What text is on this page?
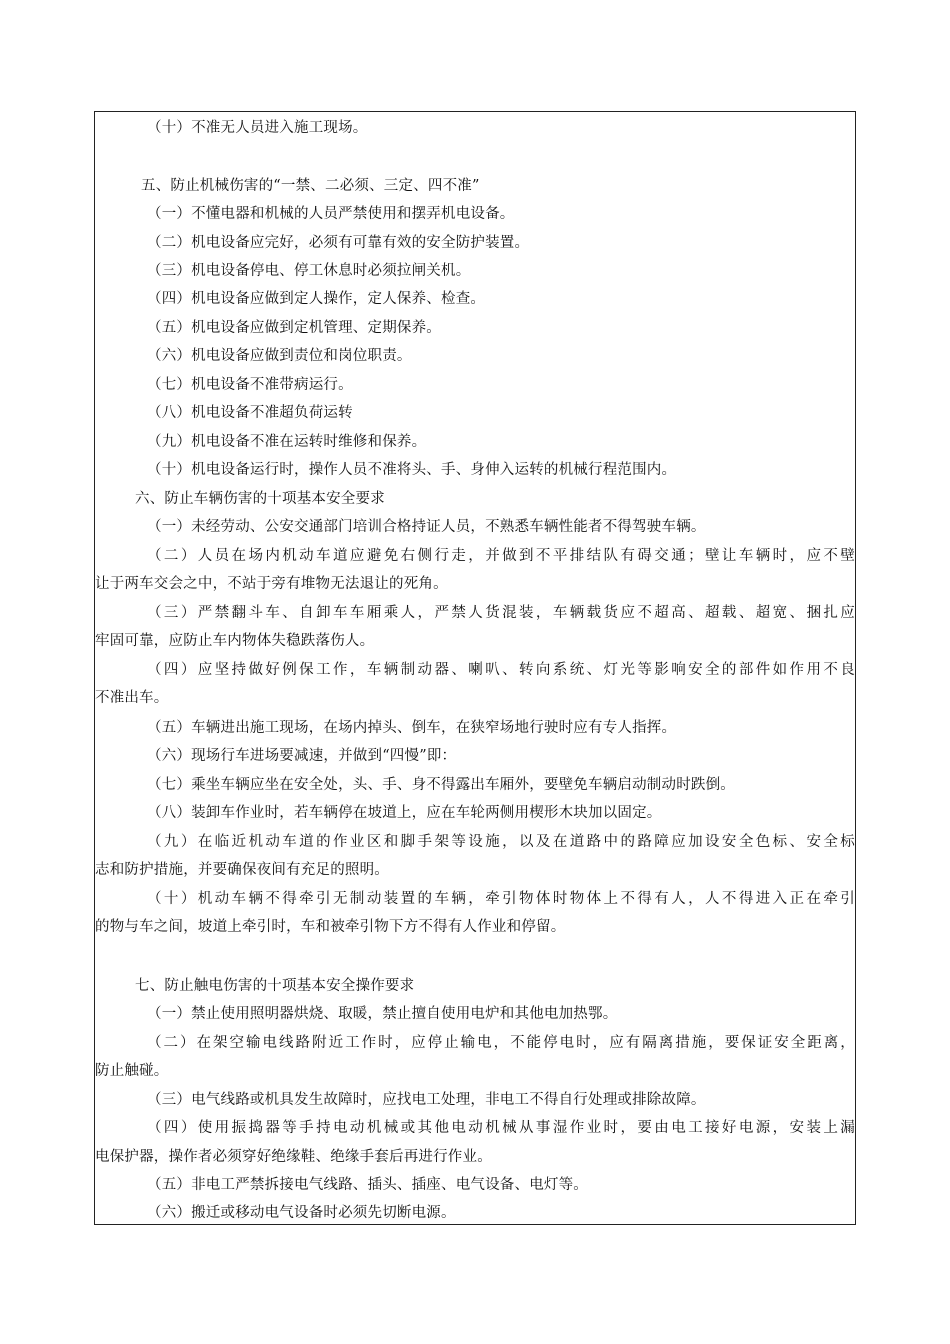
（十）不准无人员进入施工现场。
五、防止机械伤害的“一禁、二必须、三定、四不准”
（一）不懂电器和机械的人员严禁使用和摆弄机电设备。
（二）机电设备应完好，必须有可靠有效的安全防护装置。
（三）机电设备停电、停工休息时必须拉闸关机。
（四）机电设备应做到定人操作，定人保养、检查。
（五）机电设备应做到定机管理、定期保养。
（六）机电设备应做到责位和岗位职责。
（七）机电设备不准带病运行。
（八）机电设备不准超负荷运转
（九）机电设备不准在运转时维修和保养。
（十）机电设备运行时，操作人员不准将头、手、身伸入运转的机械行程范围内。
六、防止车辆伤害的十项基本安全要求
（一）未经劳动、公安交通部门培训合格持证人员，不熟悉车辆性能者不得驾驶车辆。
（二）人员在场内机动车道应避免右侧行走，并做到不平排结队有碍交通；壁让车辆时，应不壁
让于两车交会之中，不站于旁有堆物无法退让的死角。
（三）严禁翻斗车、自卸车车厢乘人，严禁人货混装，车辆载货应不超高、超载、超宽、捆扎应
牢固可靠，应防止车内物体失稳跌落伤人。
（四）应坚持做好例保工作，车辆制动器、喇叭、转向系统、灯光等影响安全的部件如作用不良
不准出车。
（五）车辆进出施工现场，在场内掉头、倒车，在狭窄场地行驶时应有专人指挥。
（六）现场行车进场要减速，并做到“四慢”即：
（七）乘坐车辆应坐在安全处，头、手、身不得露出车厢外，要壁免车辆启动制动时跌倒。
（八）装卸车作业时，若车辆停在坡道上，应在车轮两侧用楔形木块加以固定。
（九）在临近机动车道的作业区和脚手架等设施，以及在道路中的路障应加设安全色标、安全标
志和防护措施，并要确保夜间有充足的照明。
（十）机动车辆不得牵引无制动装置的车辆，牵引物体时物体上不得有人，人不得进入正在牵引
的物与车之间，坡道上牵引时，车和被牵引物下方不得有人作业和停留。
七、防止触电伤害的十项基本安全操作要求
（一）禁止使用照明器烘烧、取暖，禁止擅自使用电炉和其他电加热鄂。
（二）在架空输电线路附近工作时，应停止输电，不能停电时，应有隔离措施，要保证安全距离，
防止触碰。
（三）电气线路或机具发生故障时，应找电工处理，非电工不得自行处理或排除故障。
（四）使用振捣器等手持电动机械或其他电动机械从事湿作业时，要由电工接好电源，安装上漏
电保护器，操作者必须穿好绝缘鞋、绝缘手套后再进行作业。
（五）非电工严禁拆接电气线路、插头、插座、电气设备、电灯等。
（六）搬迁或移动电气设备时必须先切断电源。
